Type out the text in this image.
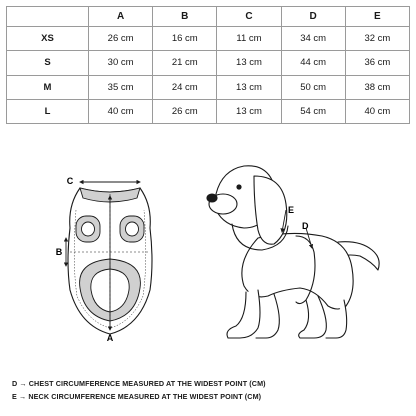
	A	B	C	D	E
XS	26 cm	16 cm	11 cm	34 cm	32 cm
S	30 cm	21 cm	13 cm	44 cm	36 cm
M	35 cm	24 cm	13 cm	50 cm	38 cm
L	40 cm	26 cm	13 cm	54 cm	40 cm
C
B
A
E
D
D → CHEST CIRCUMFERENCE MEASURED AT THE WIDEST POINT (CM)
E → NECK CIRCUMFERENCE MEASURED AT THE WIDEST POINT (CM)
